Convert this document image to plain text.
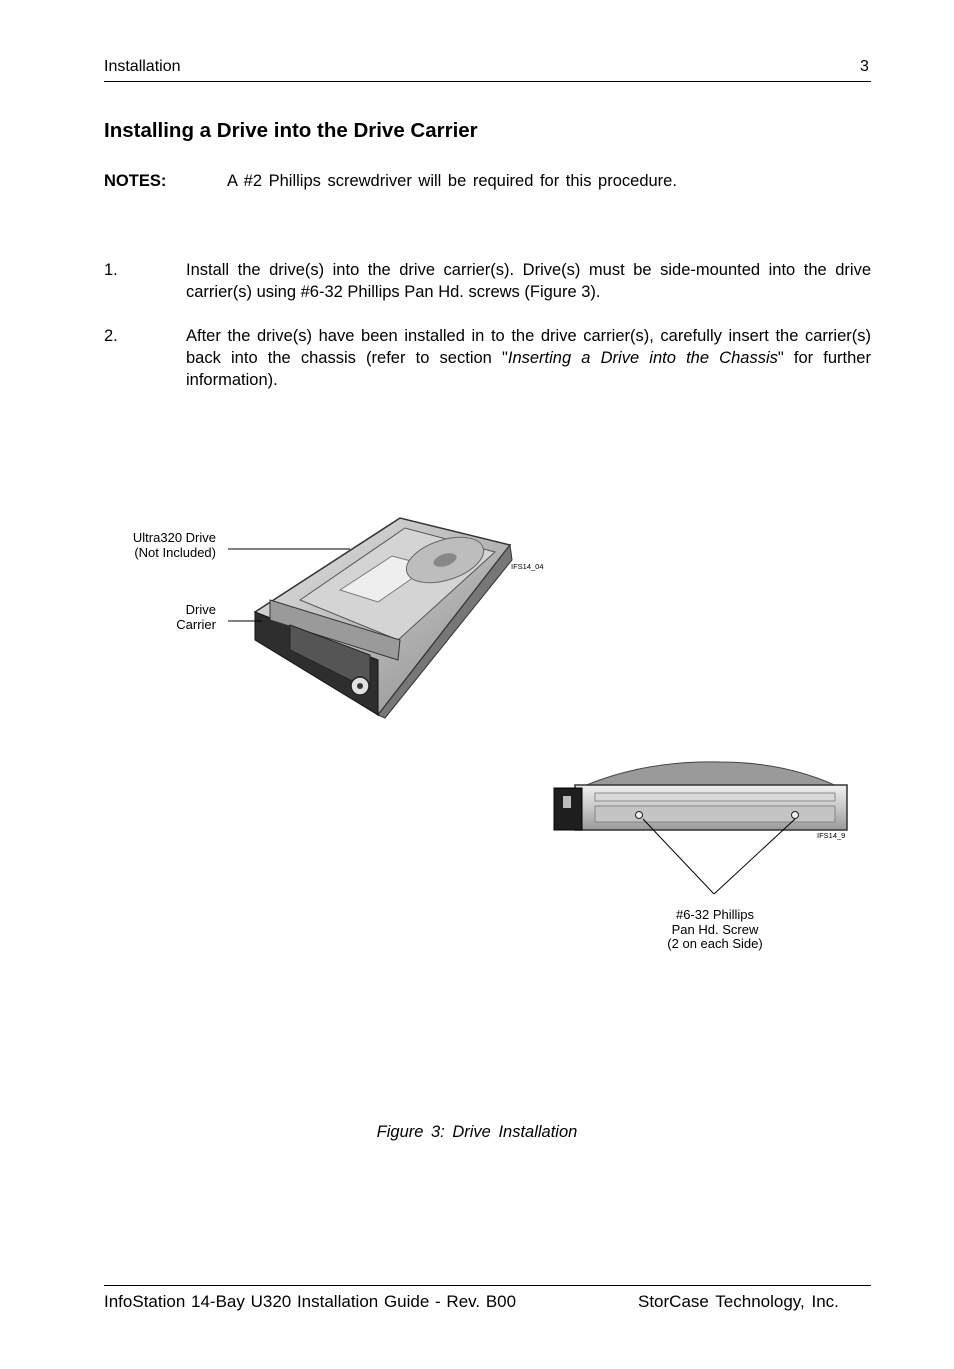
Installation	3
Installing a Drive into the Drive Carrier
NOTES:	A #2 Phillips screwdriver will be required for this procedure.
1.	Install the drive(s) into the drive carrier(s). Drive(s) must be side-mounted into the drive carrier(s) using #6-32 Phillips Pan Hd. screws (Figure 3).
2.	After the drive(s) have been installed in to the drive carrier(s), carefully insert the carrier(s) back into the chassis (refer to section "Inserting a Drive into the Chassis" for further information).
Ultra320 Drive
(Not Included)
Drive
Carrier
#6-32 Phillips
Pan Hd. Screw
(2 on each Side)
IFS14_04
IFS14_9
Figure 3: Drive Installation
InfoStation 14-Bay U320 Installation Guide - Rev. B00	StorCase Technology, Inc.
